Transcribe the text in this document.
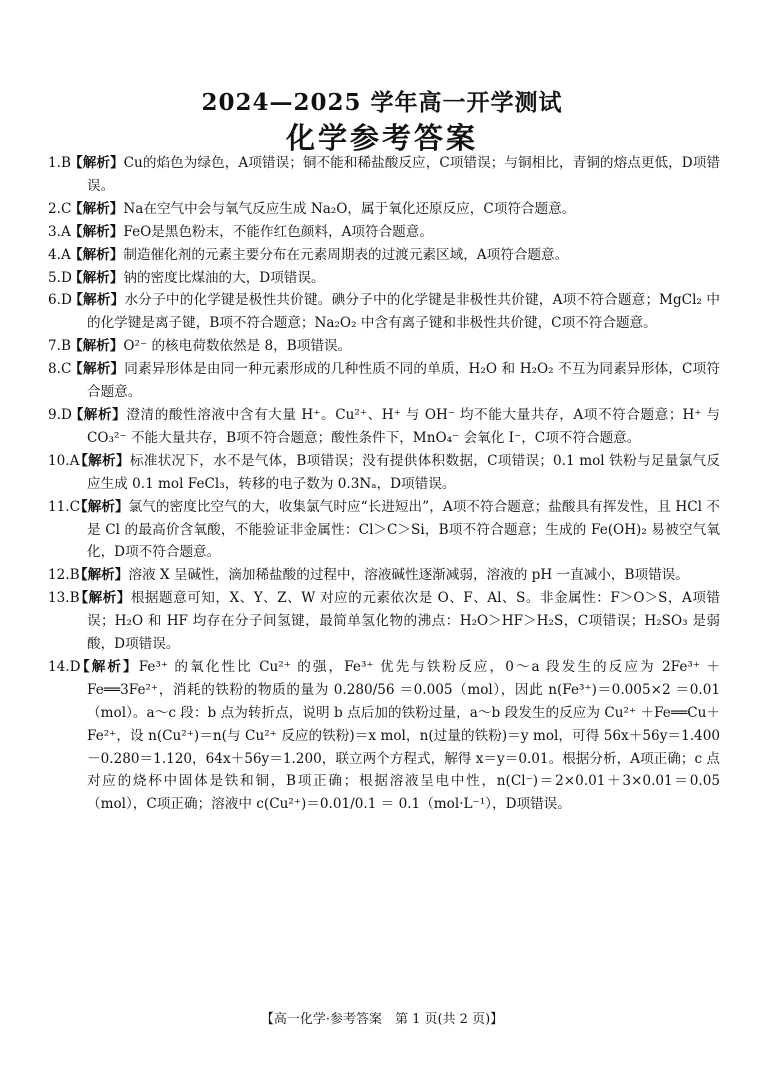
2024—2025 学年高一开学测试
化学参考答案

1.B【解析】Cu的焰色为绿色，A项错误；铜不能和稀盐酸反应，C项错误；与铜相比，青铜的熔点更低，D项错误。

2.C【解析】Na在空气中会与氧气反应生成 Na₂O，属于氧化还原反应，C项符合题意。

3.A【解析】FeO是黑色粉末，不能作红色颜料，A项符合题意。

4.A【解析】制造催化剂的元素主要分布在元素周期表的过渡元素区域，A项符合题意。

5.D【解析】钠的密度比煤油的大，D项错误。

6.D【解析】水分子中的化学键是极性共价键。碘分子中的化学键是非极性共价键，A项不符合题意；MgCl₂ 中的化学键是离子键，B项不符合题意；Na₂O₂ 中含有离子键和非极性共价键，C项不符合题意。

7.B【解析】O²⁻ 的核电荷数依然是 8，B项错误。

8.C【解析】同素异形体是由同一种元素形成的几种性质不同的单质，H₂O 和 H₂O₂ 不互为同素异形体，C项符合题意。

9.D【解析】澄清的酸性溶液中含有大量 H⁺。Cu²⁺、H⁺ 与 OH⁻ 均不能大量共存，A项不符合题意；H⁺ 与 CO₃²⁻ 不能大量共存，B项不符合题意；酸性条件下，MnO₄⁻ 会氧化 I⁻，C项不符合题意。

10.A【解析】标准状况下，水不是气体，B项错误；没有提供体积数据，C项错误；0.1 mol 铁粉与足量氯气反应生成 0.1 mol FeCl₃，转移的电子数为 0.3Nₐ，D项错误。

11.C【解析】氯气的密度比空气的大，收集氯气时应“长进短出”，A项不符合题意；盐酸具有挥发性，且 HCl 不是 Cl 的最高价含氧酸，不能验证非金属性：Cl＞C＞Si，B项不符合题意；生成的 Fe(OH)₂ 易被空气氧化，D项不符合题意。

12.B【解析】溶液 X 呈碱性，滴加稀盐酸的过程中，溶液碱性逐渐减弱，溶液的 pH 一直减小，B项错误。

13.B【解析】根据题意可知，X、Y、Z、W 对应的元素依次是 O、F、Al、S。非金属性：F＞O＞S，A项错误；H₂O 和 HF 均存在分子间氢键，最简单氢化物的沸点：H₂O＞HF＞H₂S，C项错误；H₂SO₃ 是弱酸，D项错误。

14.D【解析】Fe³⁺ 的氧化性比 Cu²⁺ 的强，Fe³⁺ 优先与铁粉反应，0～a 段发生的反应为 2Fe³⁺ ＋Fe══3Fe²⁺，消耗的铁粉的物质的量为 0.280/56 ＝0.005（mol），因此 n(Fe³⁺)＝0.005×2 ＝0.01（mol）。a～c 段：b 点为转折点，说明 b 点后加的铁粉过量，a～b 段发生的反应为 Cu²⁺ ＋Fe══Cu＋Fe²⁺，设 n(Cu²⁺)＝n(与 Cu²⁺ 反应的铁粉)＝x mol，n(过量的铁粉)＝y mol，可得 56x＋56y＝1.400－0.280＝1.120，64x＋56y＝1.200，联立两个方程式，解得 x＝y＝0.01。根据分析，A项正确；c 点对应的烧杯中固体是铁和铜，B项正确；根据溶液呈电中性，n(Cl⁻)＝2×0.01＋3×0.01＝0.05（mol），C项正确；溶液中 c(Cu²⁺)＝0.01/0.1 ＝ 0.1（mol·L⁻¹），D项错误。

【高一化学·参考答案　第 1 页(共 2 页)】
